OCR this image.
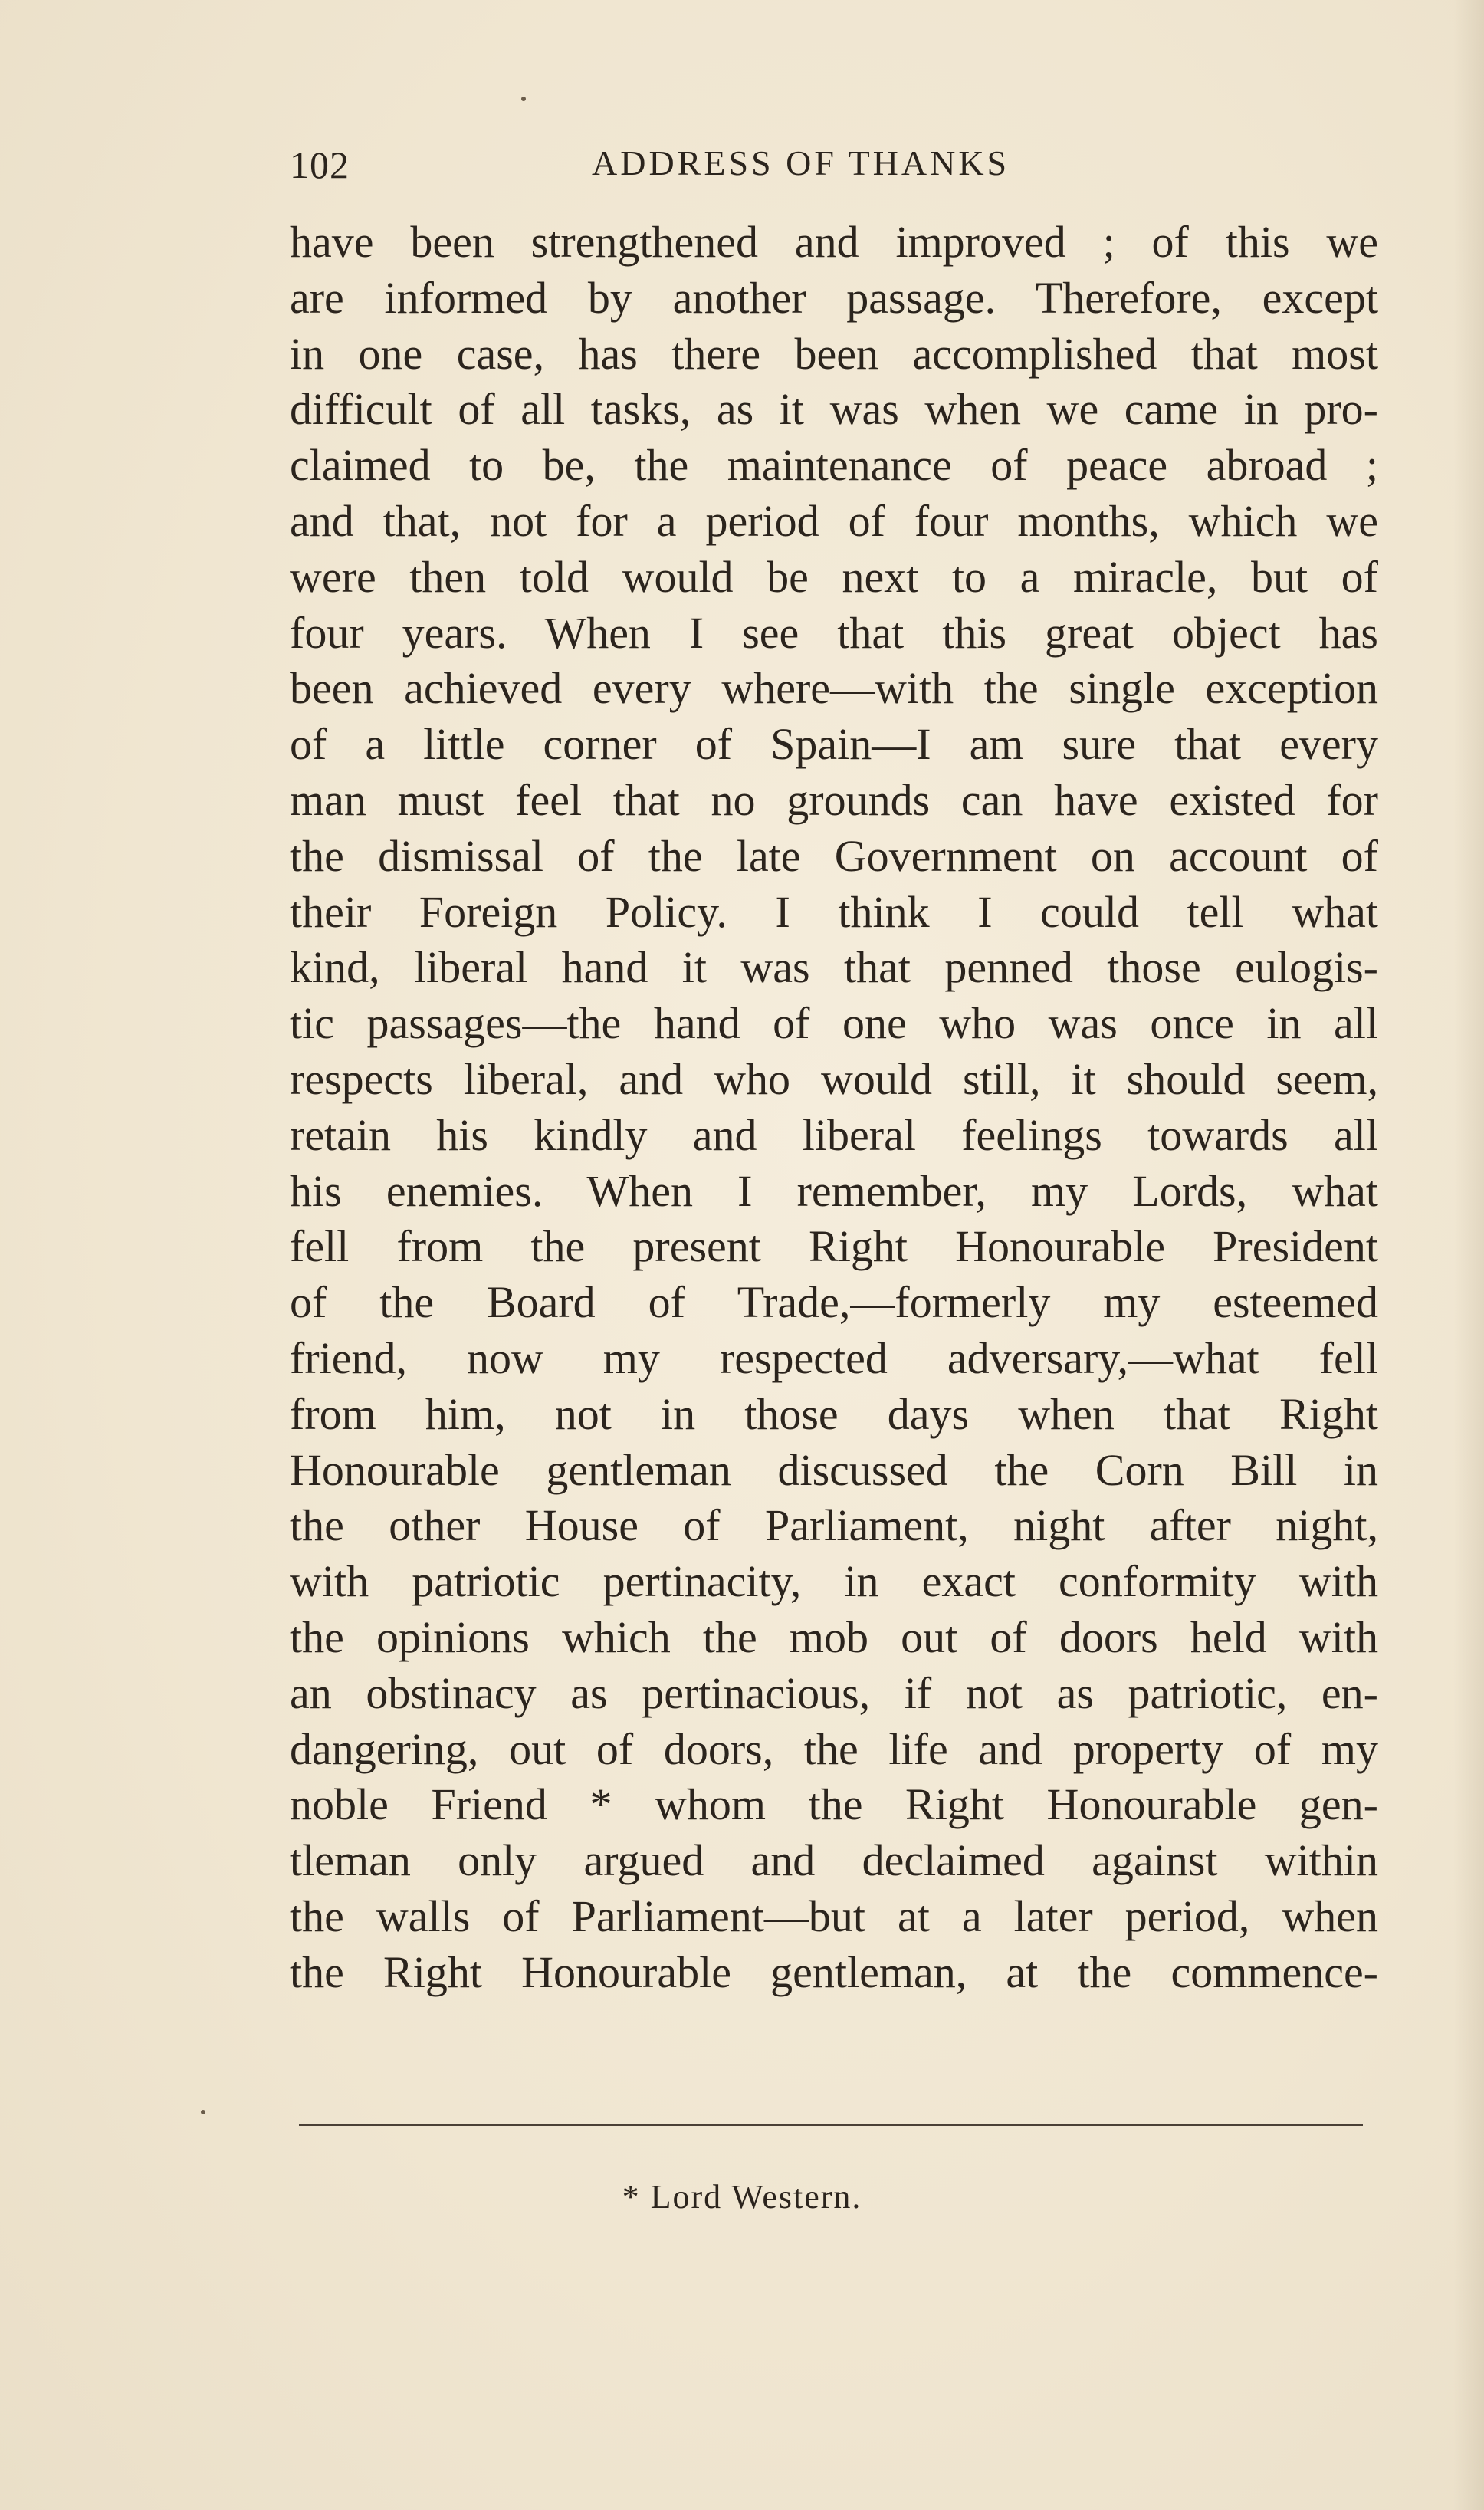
102	ADDRESS OF THANKS
have been strengthened and improved ; of this we
are informed by another passage. Therefore, except
in one case, has there been accomplished that most
difficult of all tasks, as it was when we came in pro-
claimed to be, the maintenance of peace abroad ;
and that, not for a period of four months, which we
were then told would be next to a miracle, but of
four years. When I see that this great object has
been achieved every where—with the single exception
of a little corner of Spain—I am sure that every
man must feel that no grounds can have existed for
the dismissal of the late Government on account of
their Foreign Policy. I think I could tell what
kind, liberal hand it was that penned those eulogis-
tic passages—the hand of one who was once in all
respects liberal, and who would still, it should seem,
retain his kindly and liberal feelings towards all
his enemies. When I remember, my Lords, what
fell from the present Right Honourable President
of the Board of Trade,—formerly my esteemed
friend, now my respected adversary,—what fell
from him, not in those days when that Right
Honourable gentleman discussed the Corn Bill in
the other House of Parliament, night after night,
with patriotic pertinacity, in exact conformity with
the opinions which the mob out of doors held with
an obstinacy as pertinacious, if not as patriotic, en-
dangering, out of doors, the life and property of my
noble Friend * whom the Right Honourable gen-
tleman only argued and declaimed against within
the walls of Parliament—but at a later period, when
the Right Honourable gentleman, at the commence-
* Lord Western.
